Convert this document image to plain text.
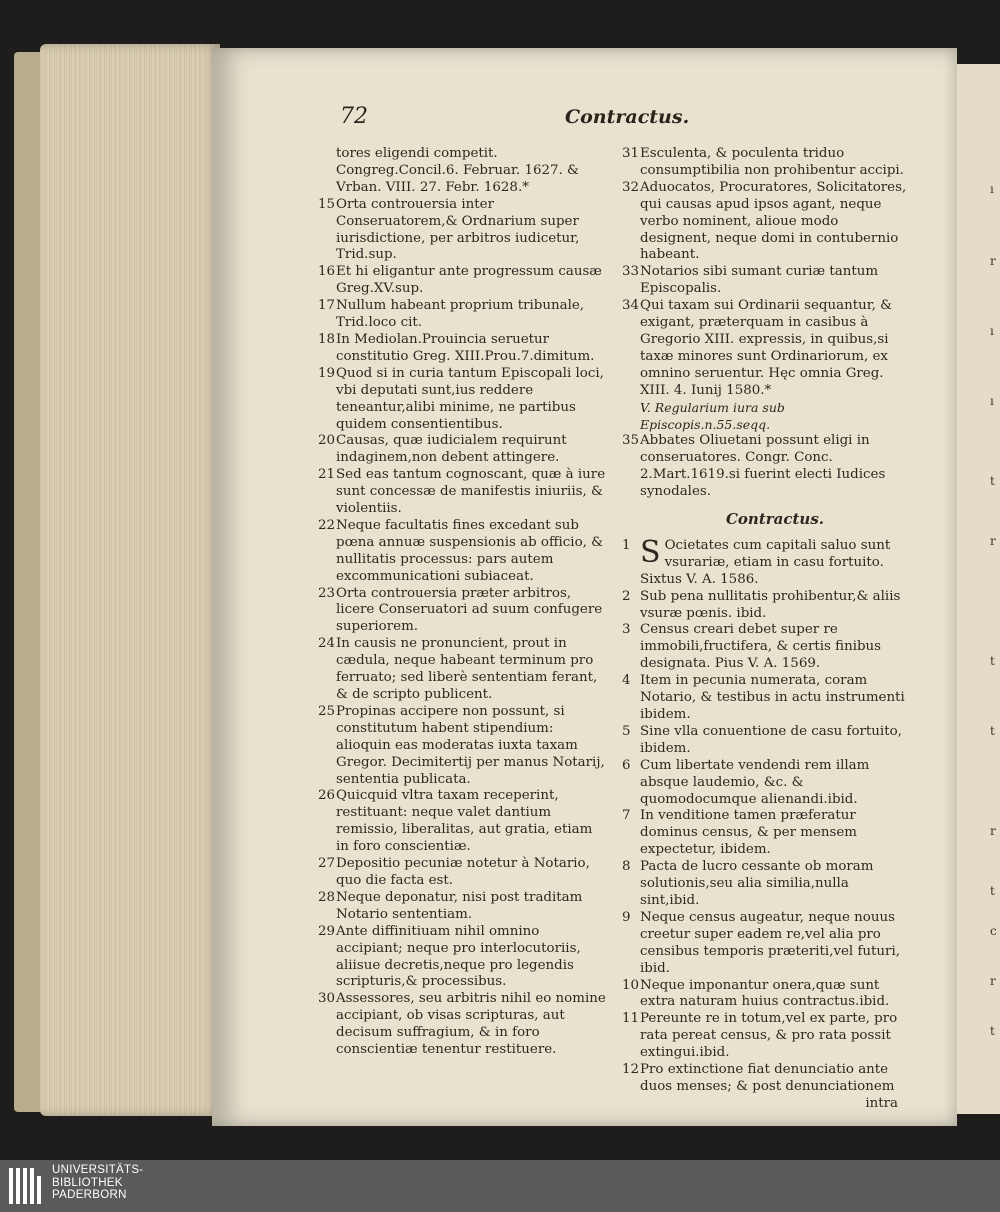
ı
r
ı
ı
t
r
t
t
r
t
c
r
t
72	Contractus.
tores eligendi competit. Congreg.Concil.6. Februar. 1627. & Vrban. VIII. 27. Febr. 1628.*
15 Orta controuersia inter Conseruatorem,& Ordnarium super iurisdictione, per arbitros iudicetur, Trid.sup.
16 Et hi eligantur ante progressum causæ Greg.XV.sup.
17 Nullum habeant proprium tribunale, Trid.loco cit.
18 In Mediolan.Prouincia seruetur constitutio Greg. XIII.Prou.7.dimitum.
19 Quod si in curia tantum Episcopali loci, vbi deputati sunt,ius reddere teneantur,alibi minime, ne partibus quidem consentientibus.
20 Causas, quæ iudicialem requirunt indaginem,non debent attingere.
21 Sed eas tantum cognoscant, quæ à iure sunt concessæ de manifestis iniuriis, & violentiis.
22 Neque facultatis fines excedant sub pœna annuæ suspensionis ab officio, & nullitatis processus: pars autem excommunicationi subiaceat.
23 Orta controuersia præter arbitros, licere Conseruatori ad suum confugere superiorem.
24 In causis ne pronuncient, prout in cædula, neque habeant terminum pro ferruato; sed liberè sententiam ferant, & de scripto publicent.
25 Propinas accipere non possunt, si constitutum habent stipendium: alioquin eas moderatas iuxta taxam Gregor. Decimitertij per manus Notarij, sententia publicata.
26 Quicquid vltra taxam receperint, restituant: neque valet dantium remissio, liberalitas, aut gratia, etiam in foro conscientiæ.
27 Depositio pecuniæ notetur à Notario, quo die facta est.
28 Neque deponatur, nisi post traditam Notario sententiam.
29 Ante diffinitiuam nihil omnino accipiant; neque pro interlocutoriis, aliisue decretis,neque pro legendis scripturis,& processibus.
30 Assessores, seu arbitris nihil eo nomine accipiant, ob visas scripturas, aut decisum suffragium, & in foro conscientiæ tenentur restituere.
31 Esculenta, & poculenta triduo consumptibilia non prohibentur accipi.
32 Aduocatos, Procuratores, Solicitatores, qui causas apud ipsos agant, neque verbo nominent, alioue modo designent, neque domi in contubernio habeant.
33 Notarios sibi sumant curiæ tantum Episcopalis.
34 Qui taxam sui Ordinarii sequantur, & exigant, præterquam in casibus à Gregorio XIII. expressis, in quibus,si taxæ minores sunt Ordinariorum, ex omnino seruentur. Hęc omnia Greg. XIII. 4. Iunij 1580.*
V. Regularium iura sub Episcopis.n.55.seqq.
35 Abbates Oliuetani possunt eligi in conseruatores. Congr. Conc. 2.Mart.1619.si fuerint electi Iudices synodales.
Contractus.
1 S Ocietates cum capitali saluo sunt vsurariæ, etiam in casu fortuito. Sixtus V. A. 1586.
2 Sub pena nullitatis prohibentur,& aliis vsuræ pœnis. ibid.
3 Census creari debet super re immobili,fructifera, & certis finibus designata. Pius V. A. 1569.
4 Item in pecunia numerata, coram Notario, & testibus in actu instrumenti ibidem.
5 Sine vlla conuentione de casu fortuito, ibidem.
6 Cum libertate vendendi rem illam absque laudemio, &c. & quomodocumque alienandi.ibid.
7 In venditione tamen præferatur dominus census, & per mensem expectetur, ibidem.
8 Pacta de lucro cessante ob moram solutionis,seu alia similia,nulla sint,ibid.
9 Neque census augeatur, neque nouus creetur super eadem re,vel alia pro censibus temporis præteriti,vel futuri, ibid.
10 Neque imponantur onera,quæ sunt extra naturam huius contractus.ibid.
11 Pereunte re in totum,vel ex parte, pro rata pereat census, & pro rata possit extingui.ibid.
12 Pro extinctione fiat denunciatio ante duos menses; & post denunciationem
intra
UNIVERSITÄTS-
BIBLIOTHEK
PADERBORN
